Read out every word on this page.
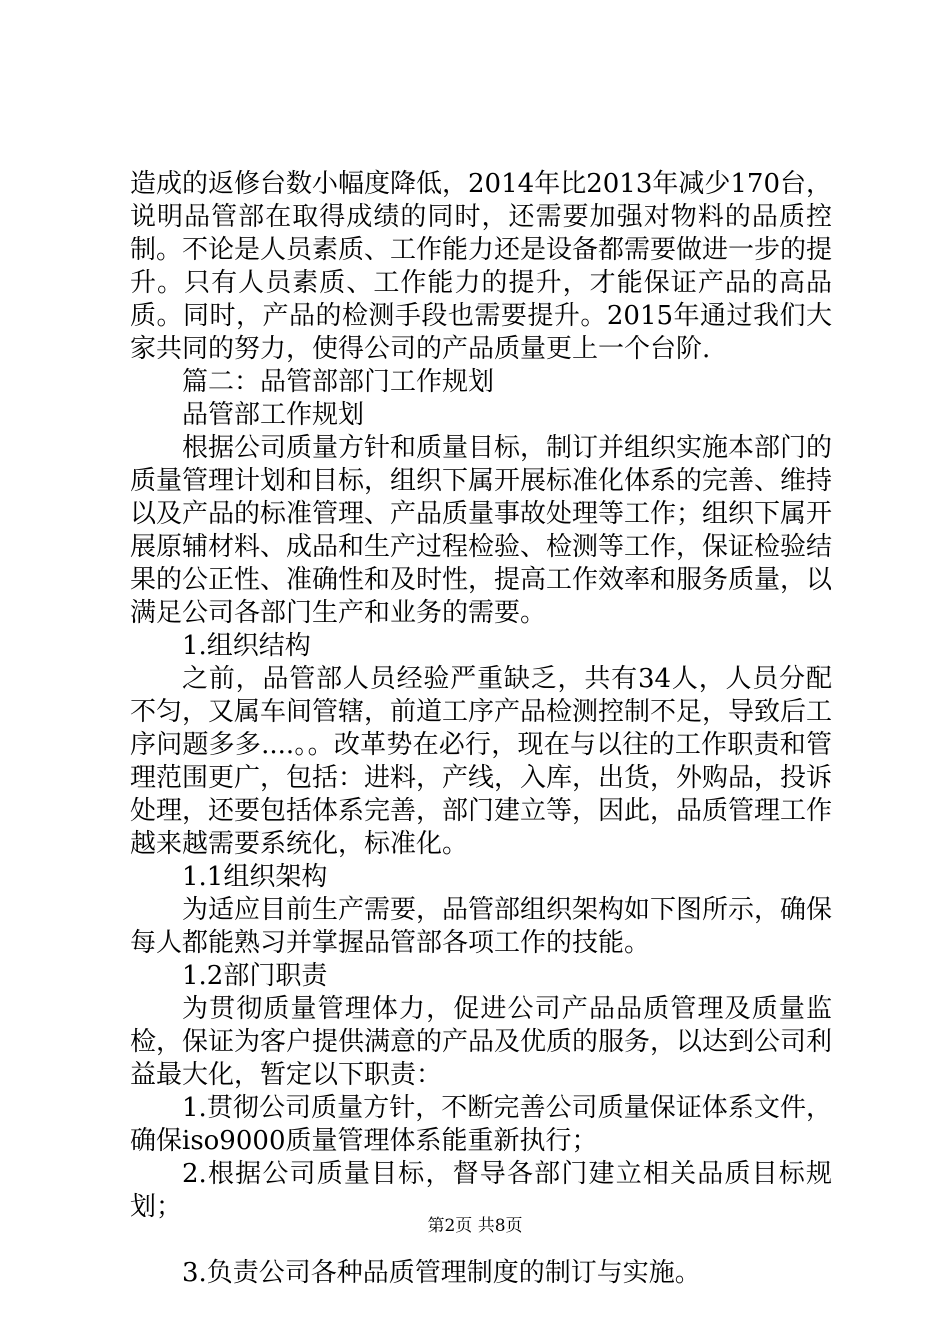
造成的返修台数小幅度降低，2014年比2013年减少170台，说明品管部在取得成绩的同时，还需要加强对物料的品质控制。不论是人员素质、工作能力还是设备都需要做进一步的提升。只有人员素质、工作能力的提升，才能保证产品的高品质。同时，产品的检测手段也需要提升。2015年通过我们大家共同的努力，使得公司的产品质量更上一个台阶.

篇二：品管部部门工作规划

品管部工作规划

根据公司质量方针和质量目标，制订并组织实施本部门的质量管理计划和目标，组织下属开展标准化体系的完善、维持以及产品的标准管理、产品质量事故处理等工作；组织下属开展原辅材料、成品和生产过程检验、检测等工作，保证检验结果的公正性、准确性和及时性，提高工作效率和服务质量，以满足公司各部门生产和业务的需要。

1.组织结构

之前，品管部人员经验严重缺乏，共有34人，人员分配不匀，又属车间管辖，前道工序产品检测控制不足，导致后工序问题多多....。。改革势在必行，现在与以往的工作职责和管理范围更广，包括：进料，产线，入库，出货，外购品，投诉处理，还要包括体系完善，部门建立等，因此，品质管理工作越来越需要系统化，标准化。

1.1组织架构

为适应目前生产需要，品管部组织架构如下图所示，确保每人都能熟习并掌握品管部各项工作的技能。

1.2部门职责

为贯彻质量管理体力，促进公司产品品质管理及质量监检，保证为客户提供满意的产品及优质的服务，以达到公司利益最大化，暂定以下职责：

1.贯彻公司质量方针，不断完善公司质量保证体系文件，确保iso9000质量管理体系能重新执行；

2.根据公司质量目标，督导各部门建立相关品质目标规划；

3.负责公司各种品质管理制度的制订与实施。

第2页 共8页
